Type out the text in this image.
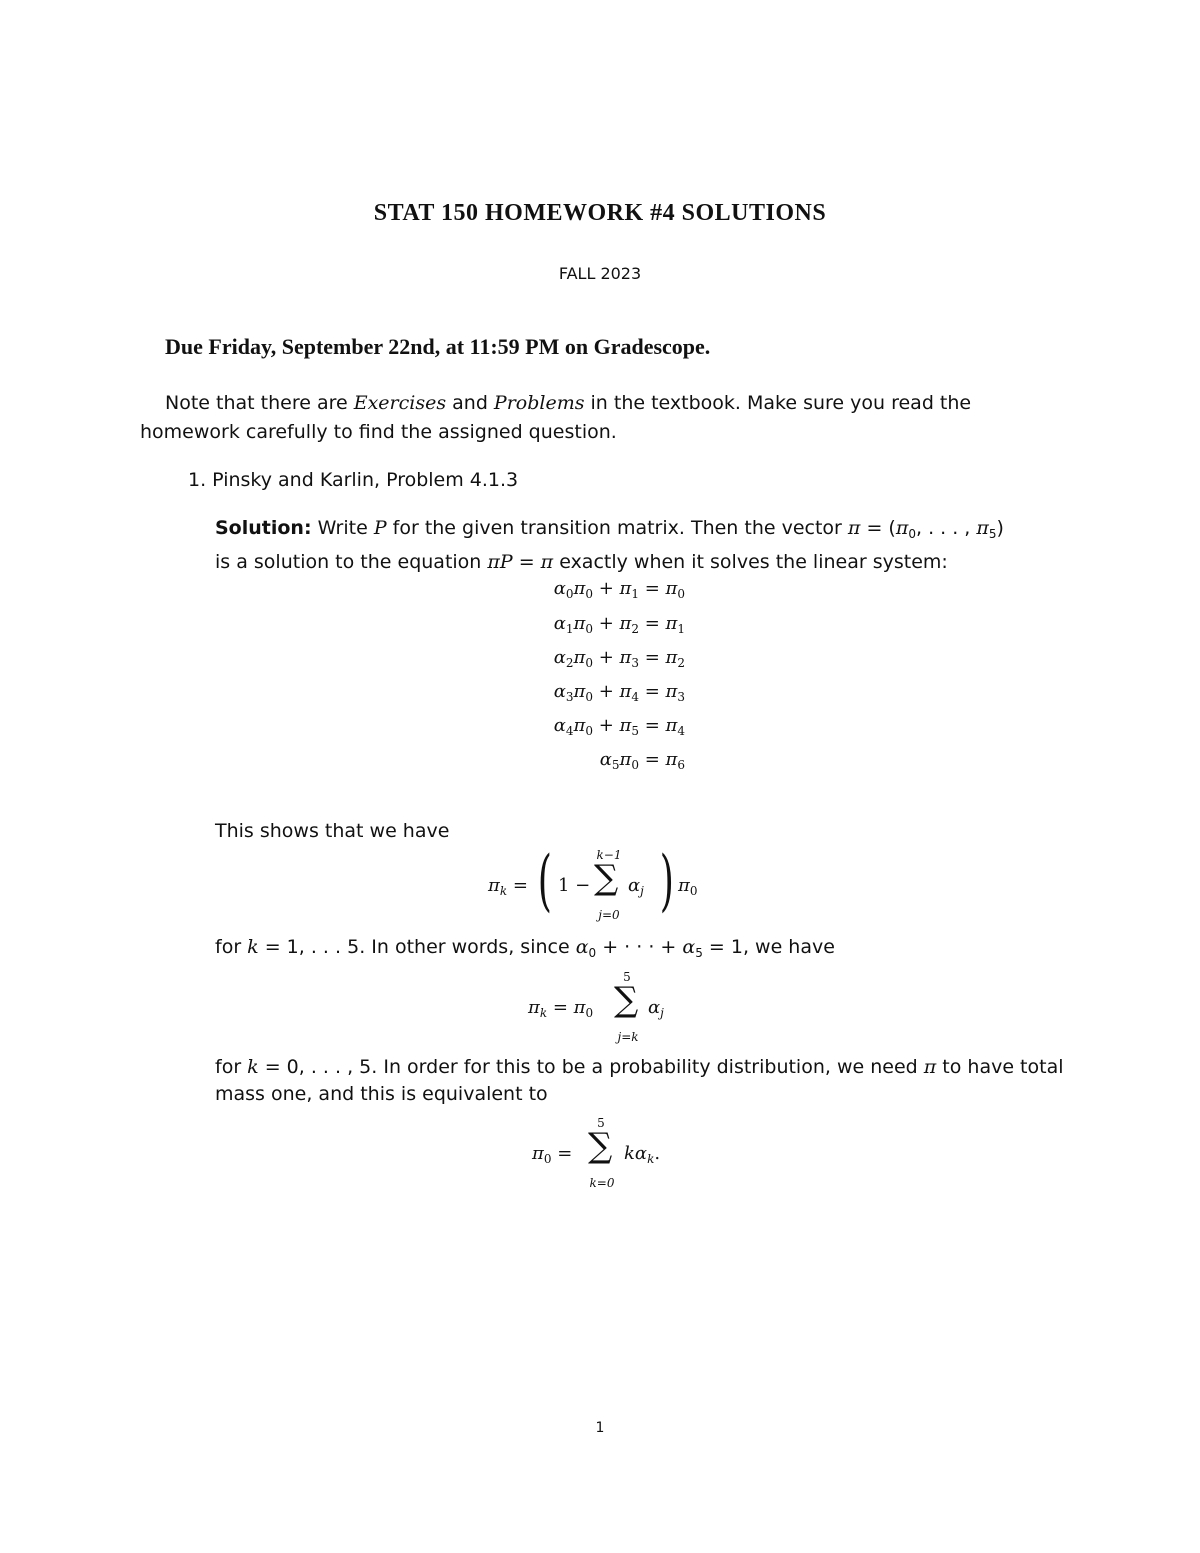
STAT 150 HOMEWORK #4 SOLUTIONS
FALL 2023
Due Friday, September 22nd, at 11:59 PM on Gradescope.
Note that there are Exercises and Problems in the textbook. Make sure you read the homework carefully to find the assigned question.
1. Pinsky and Karlin, Problem 4.1.3
Solution: Write P for the given transition matrix. Then the vector $\pi = (\pi_0$, . . . , $\pi_5$)
is a solution to the equation πP = π exactly when it solves the linear system:
$\alpha_0\pi_0 + \pi_1 = \pi_0$
$\alpha_1\pi_0 + \pi_2 = \pi_1$
$\alpha_2\pi_0 + \pi_3 = \pi_2$
$\alpha_3\pi_0 + \pi_4 = \pi_3$
$\alpha_4\pi_0 + \pi_5 = \pi_4$
$\alpha_5\pi_0 = \pi_6$
This shows that we have
$\pi_k$ = ( 1 −
k−1
∑
j=0
$\alpha_j$ ) $\pi_0$
for k = 1, . . . 5. In other words, since $\alpha_0$ + · · · + $\alpha_5 = 1$, we have
$\pi_k = \pi_0$
5
∑
j=k
$\alpha_j$
for k = 0, . . . , 5. In order for this to be a probability distribution, we need π to have total mass one, and this is equivalent to
$\pi_0$ =
5
∑
k=0
$k\alpha_k$.
1
